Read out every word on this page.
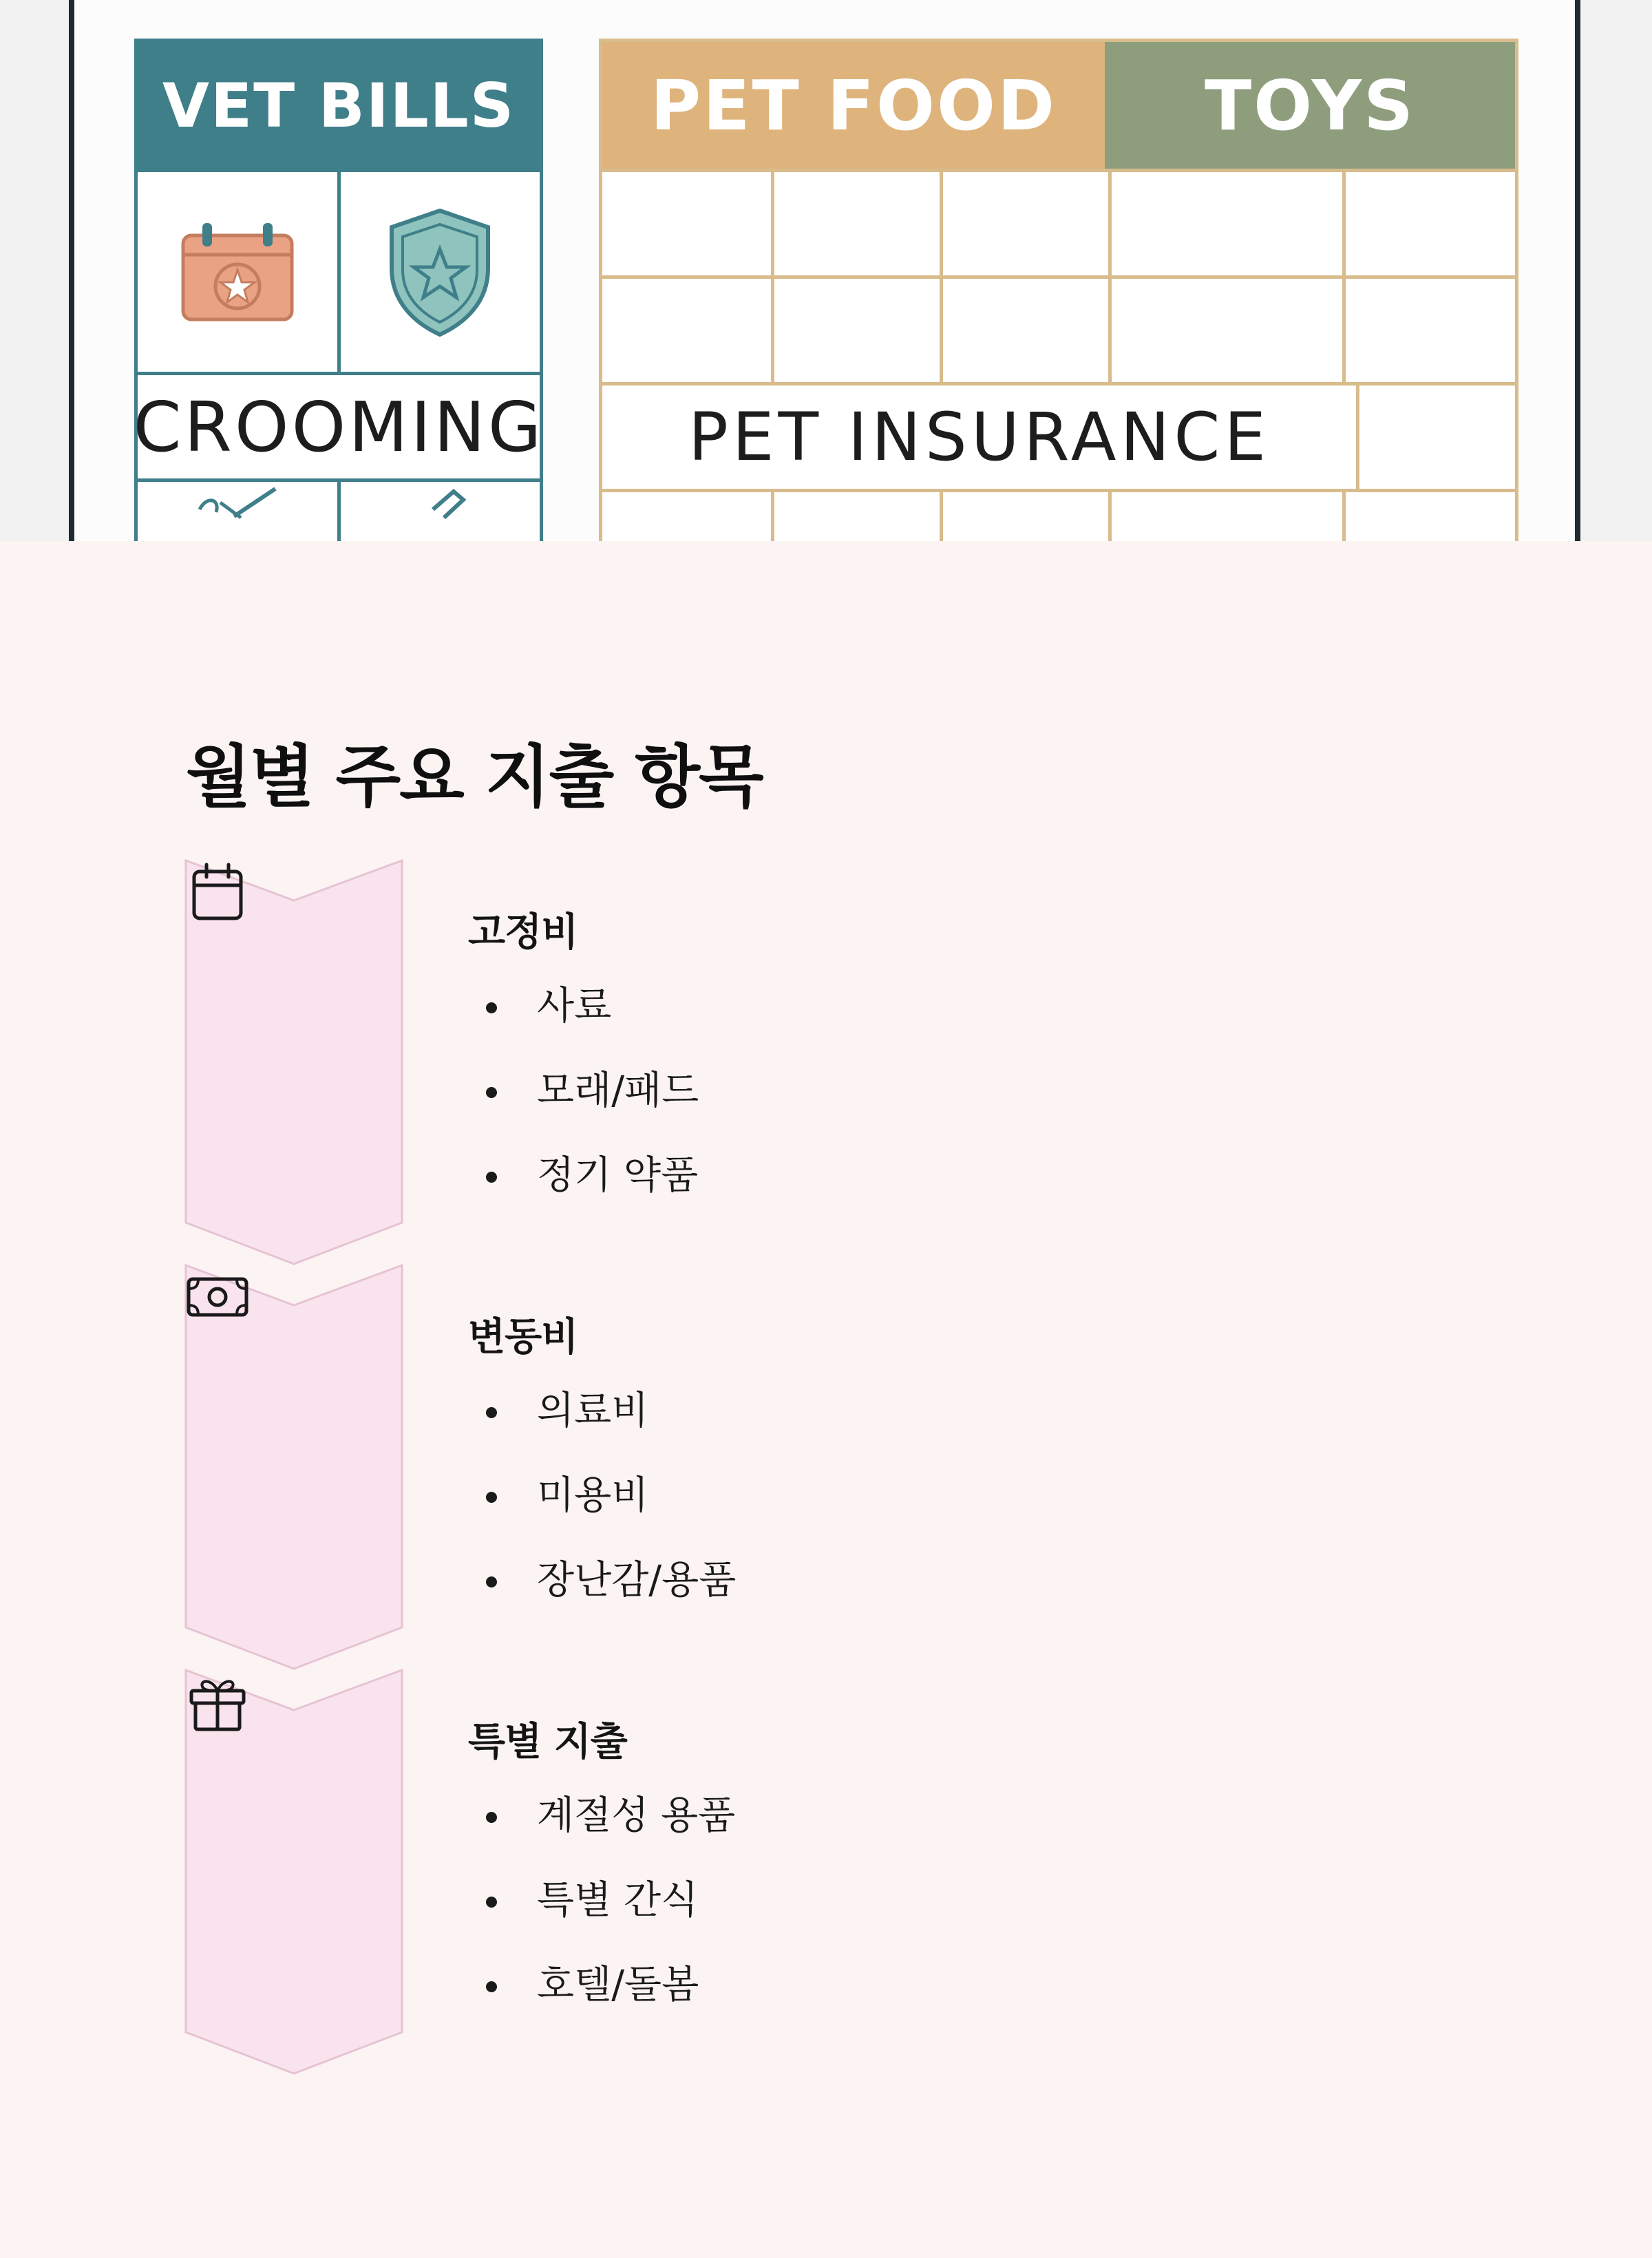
VET BILLS
CROOMING
PET FOOD	TOYS
PET INSURANCE
월별 주요 지출 항목
고정비
사료
모래/패드
정기 약품
변동비
의료비
미용비
장난감/용품
특별 지출
계절성 용품
특별 간식
호텔/돌봄
